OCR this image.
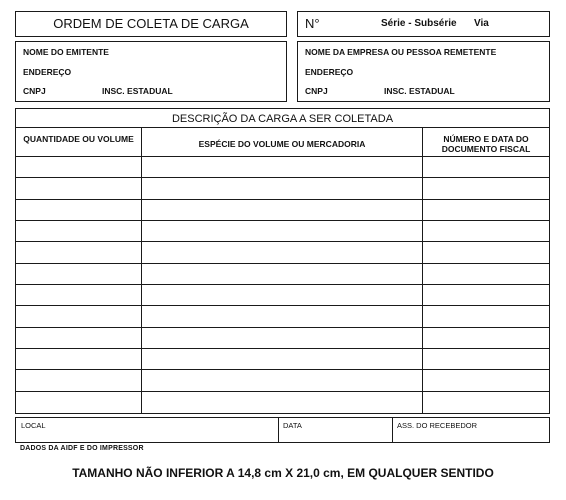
ORDEM DE COLETA DE CARGA	N°	Série - Subsérie Via
NOME DO EMITENTE
ENDEREÇO
CNPJ	INSC. ESTADUAL
NOME DA EMPRESA OU PESSOA REMETENTE
ENDEREÇO
CNPJ	INSC. ESTADUAL
DESCRIÇÃO DA CARGA A SER COLETADA
QUANTIDADE OU VOLUME	ESPÉCIE DO VOLUME OU MERCADORIA	NÚMERO E DATA DO DOCUMENTO FISCAL
LOCAL	DATA	ASS. DO RECEBEDOR
DADOS DA AIDF E DO IMPRESSOR
TAMANHO NÃO INFERIOR A 14,8 cm X 21,0 cm, EM QUALQUER SENTIDO
